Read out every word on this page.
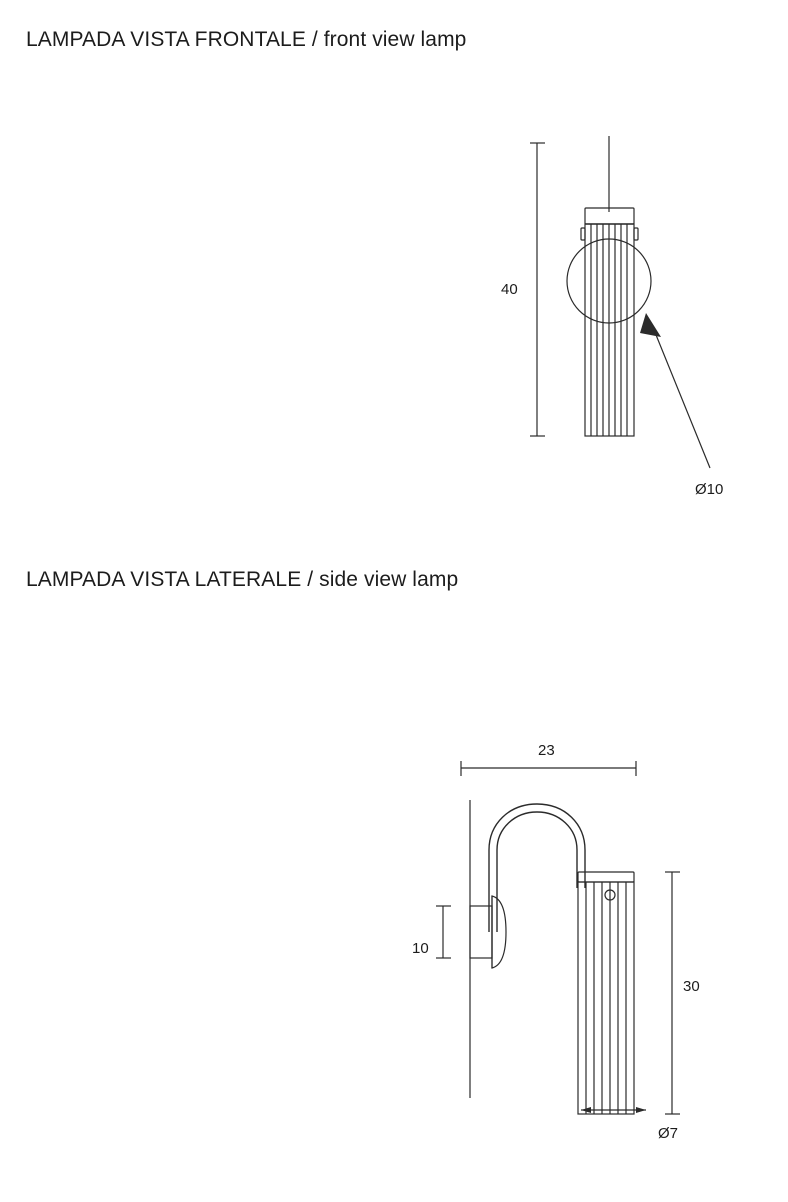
LAMPADA VISTA FRONTALE / front view lamp
LAMPADA VISTA LATERALE / side view lamp
40
Ø10
23
10
30
Ø7
